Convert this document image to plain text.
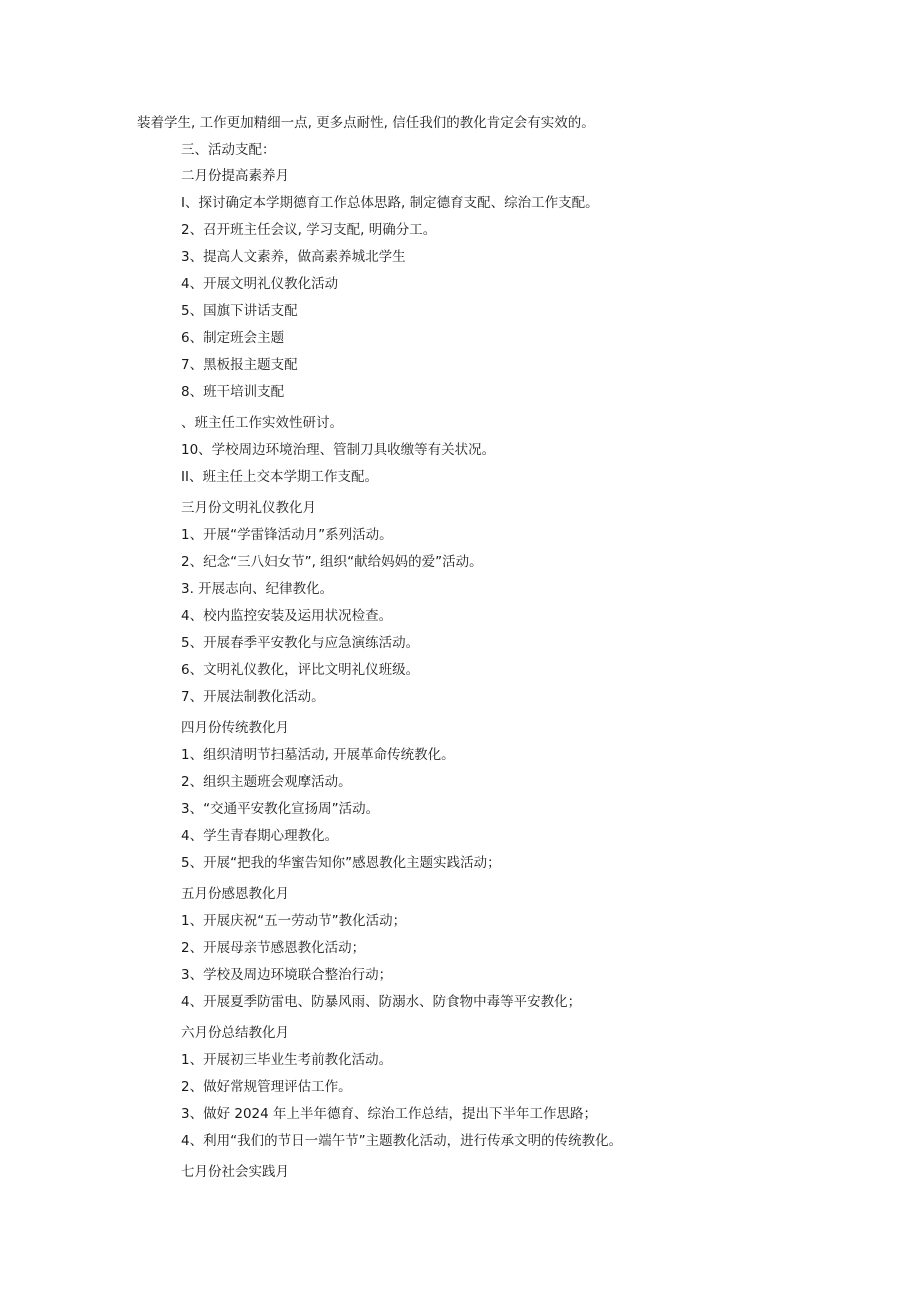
装着学生, 工作更加精细一点, 更多点耐性, 信任我们的教化肯定会有实效的。
三、活动支配：
二月份提高素养月
I、探讨确定本学期德育工作总体思路, 制定德育支配、综治工作支配。
2、召开班主任会议, 学习支配, 明确分工。
3、提高人文素养，做高素养城北学生
4、开展文明礼仪教化活动
5、国旗下讲话支配
6、制定班会主题
7、黑板报主题支配
8、班干培训支配
、班主任工作实效性研讨。
10、学校周边环境治理、管制刀具收缴等有关状况。
II、班主任上交本学期工作支配。
三月份文明礼仪教化月
1、开展“学雷锋活动月”系列活动。
2、纪念“三八妇女节”, 组织“献给妈妈的爱”活动。
3. 开展志向、纪律教化。
4、校内监控安装及运用状况检查。
5、开展春季平安教化与应急演练活动。
6、文明礼仪教化，评比文明礼仪班级。
7、开展法制教化活动。
四月份传统教化月
1、组织清明节扫墓活动, 开展革命传统教化。
2、组织主题班会观摩活动。
3、“交通平安教化宣扬周”活动。
4、学生青春期心理教化。
5、开展“把我的华蜜告知你”感恩教化主题实践活动；
五月份感恩教化月
1、开展庆祝“五一劳动节”教化活动；
2、开展母亲节感恩教化活动；
3、学校及周边环境联合整治行动；
4、开展夏季防雷电、防暴风雨、防溺水、防食物中毒等平安教化；
六月份总结教化月
1、开展初三毕业生考前教化活动。
2、做好常规管理评估工作。
3、做好 2024 年上半年德育、综治工作总结，提出下半年工作思路；
4、利用“我们的节日一端午节”主题教化活动，进行传承文明的传统教化。
七月份社会实践月
